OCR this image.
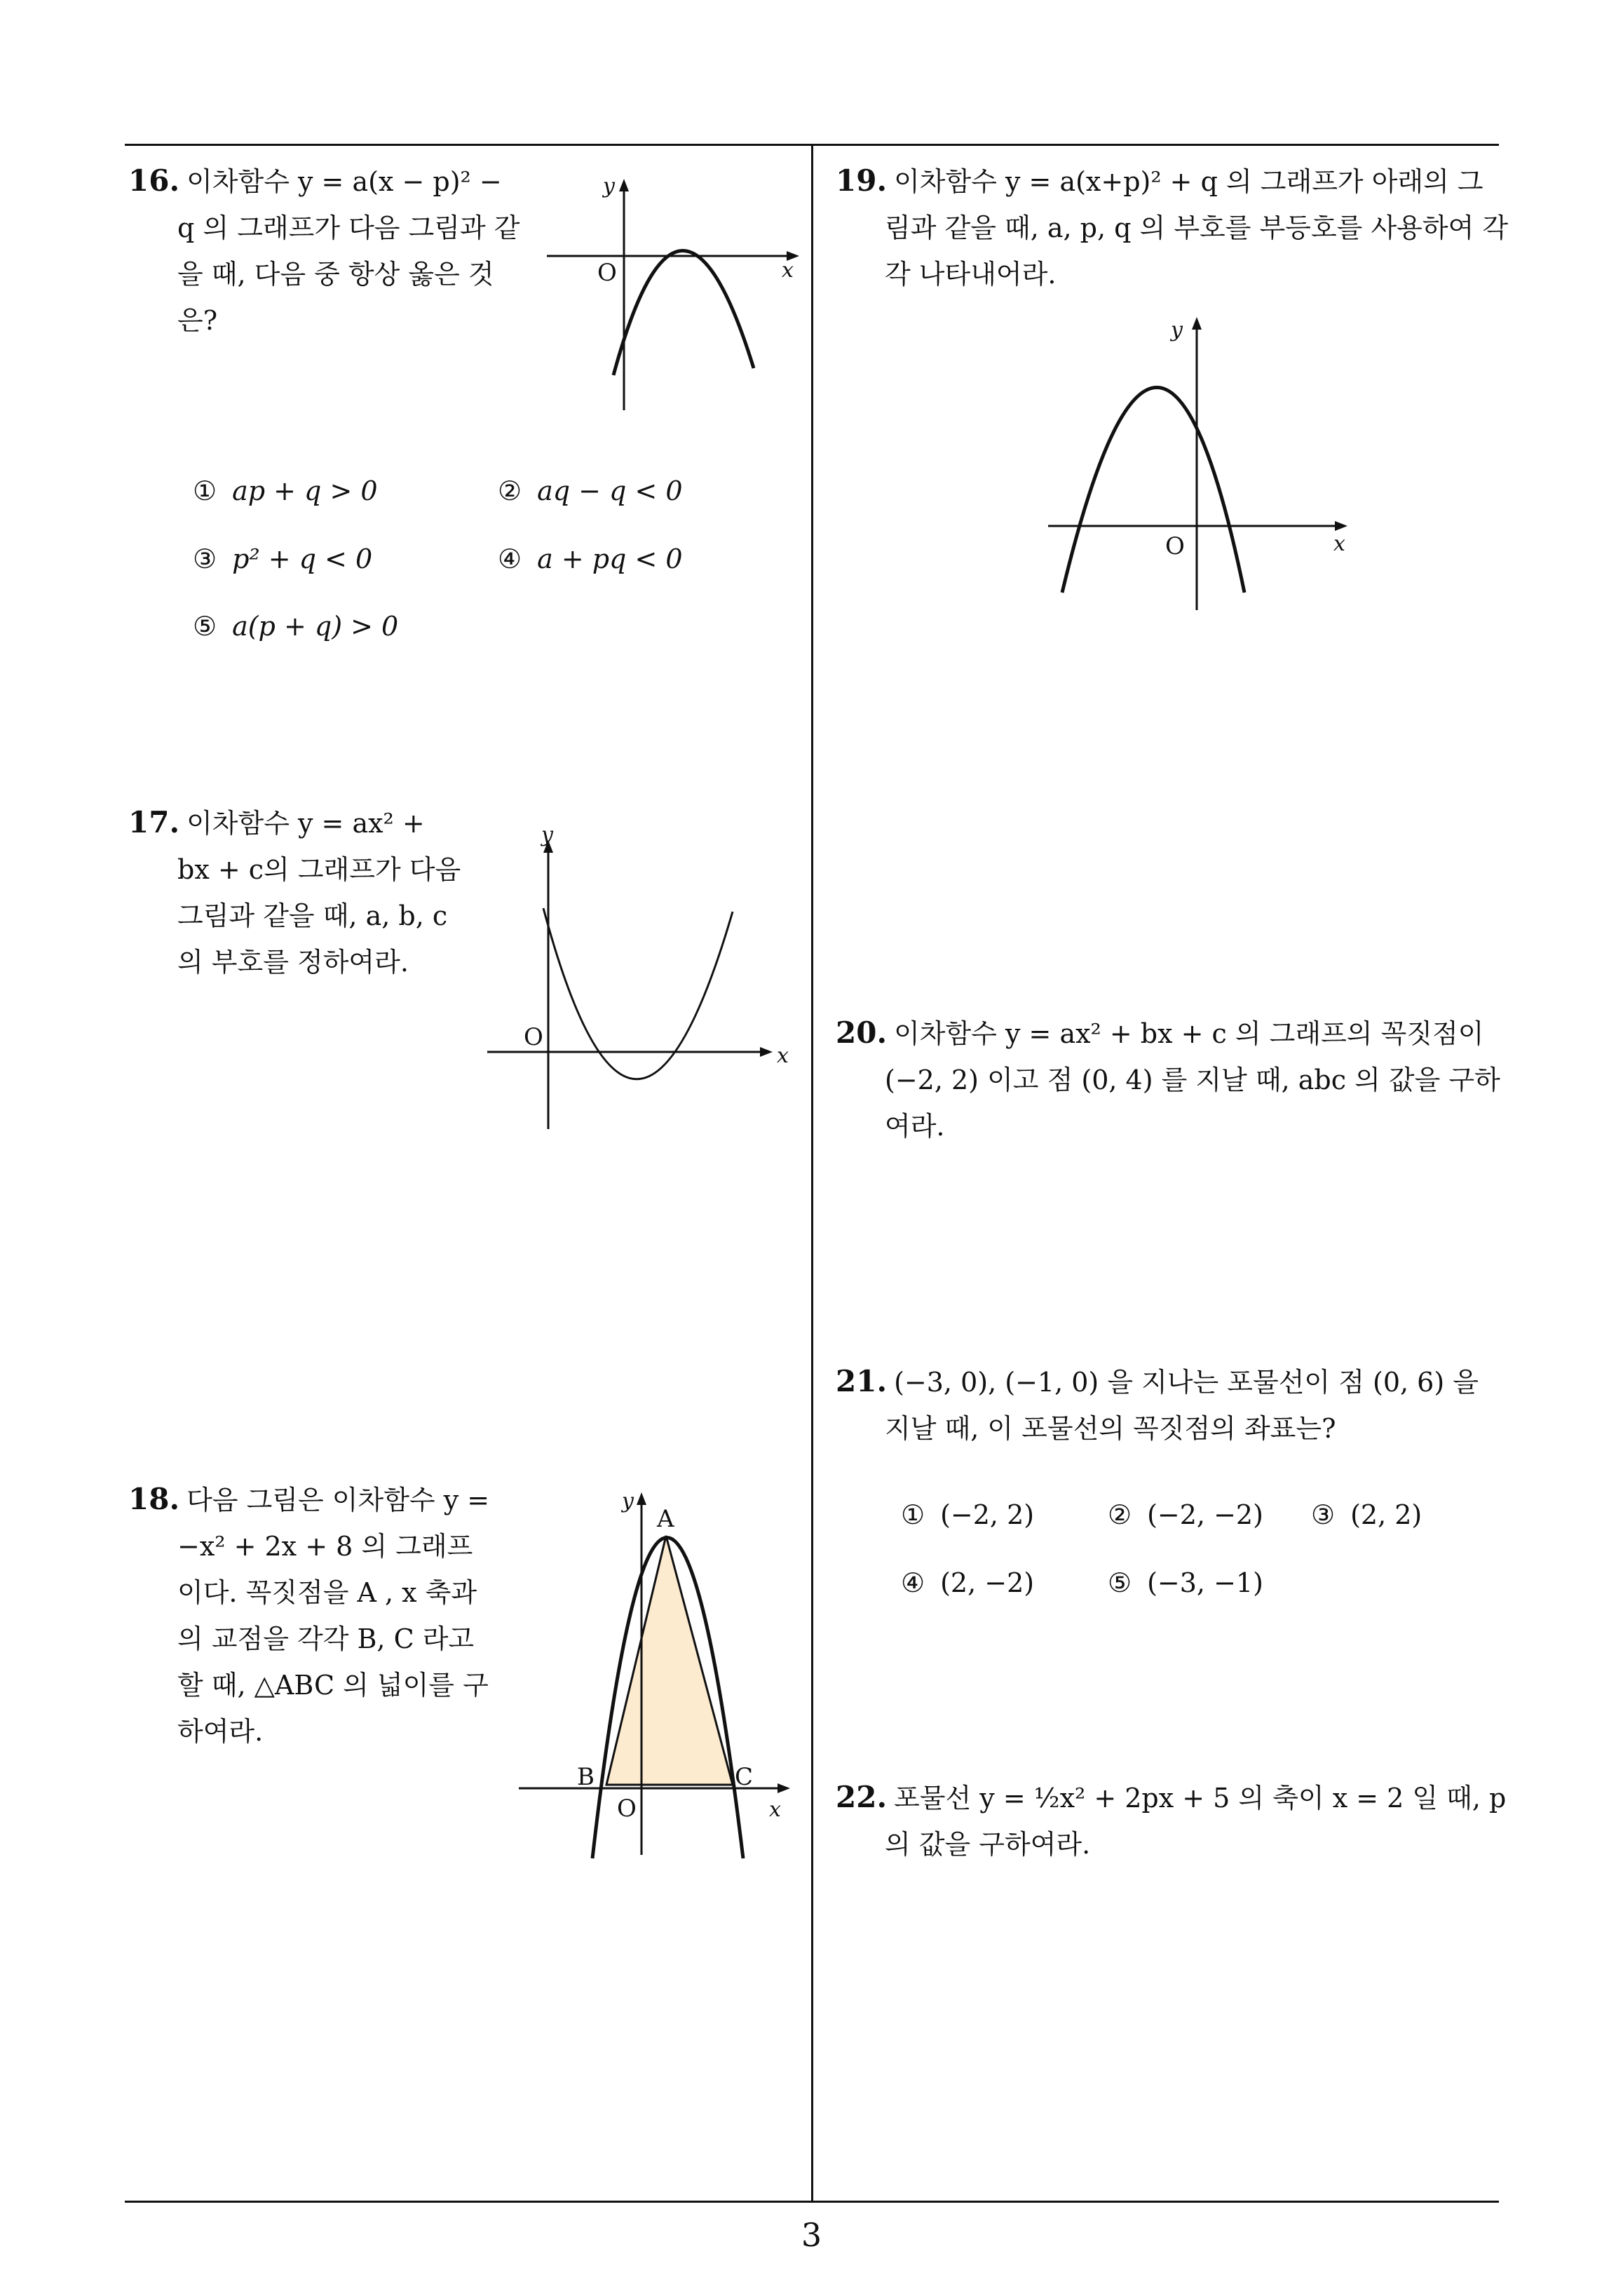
16. 이차함수 y = a(x − p)² − q 의 그래프가 다음 그림과 같을 때, 다음 중 항상 옳은 것은?
y
x
O
① ap + q > 0	② aq − q < 0
③ p² + q < 0	④ a + pq < 0
⑤ a(p + q) > 0
17. 이차함수 y = ax² + bx + c의 그래프가 다음 그림과 같을 때, a, b, c 의 부호를 정하여라.
y
x
O
18. 다음 그림은 이차함수 y = −x² + 2x + 8 의 그래프이다. 꼭짓점을 A , x 축과의 교점을 각각 B, C 라고 할 때, △ABC 의 넓이를 구하여라.
y
x
O
A
B	C
19. 이차함수 y = a(x+p)² + q 의 그래프가 아래의 그림과 같을 때, a, p, q 의 부호를 부등호를 사용하여 각각 나타내어라.
y
x
O
20. 이차함수 y = ax² + bx + c 의 그래프의 꼭짓점이 (−2, 2) 이고 점 (0, 4) 를 지날 때, abc 의 값을 구하여라.
21. (−3, 0), (−1, 0) 을 지나는 포물선이 점 (0, 6) 을 지날 때, 이 포물선의 꼭짓점의 좌표는?
① (−2, 2)	② (−2, −2) ③ (2, 2)
④ (2, −2)	⑤ (−3, −1)
22. 포물선 y = ½x² + 2px + 5 의 축이 x = 2 일 때, p 의 값을 구하여라.
3
